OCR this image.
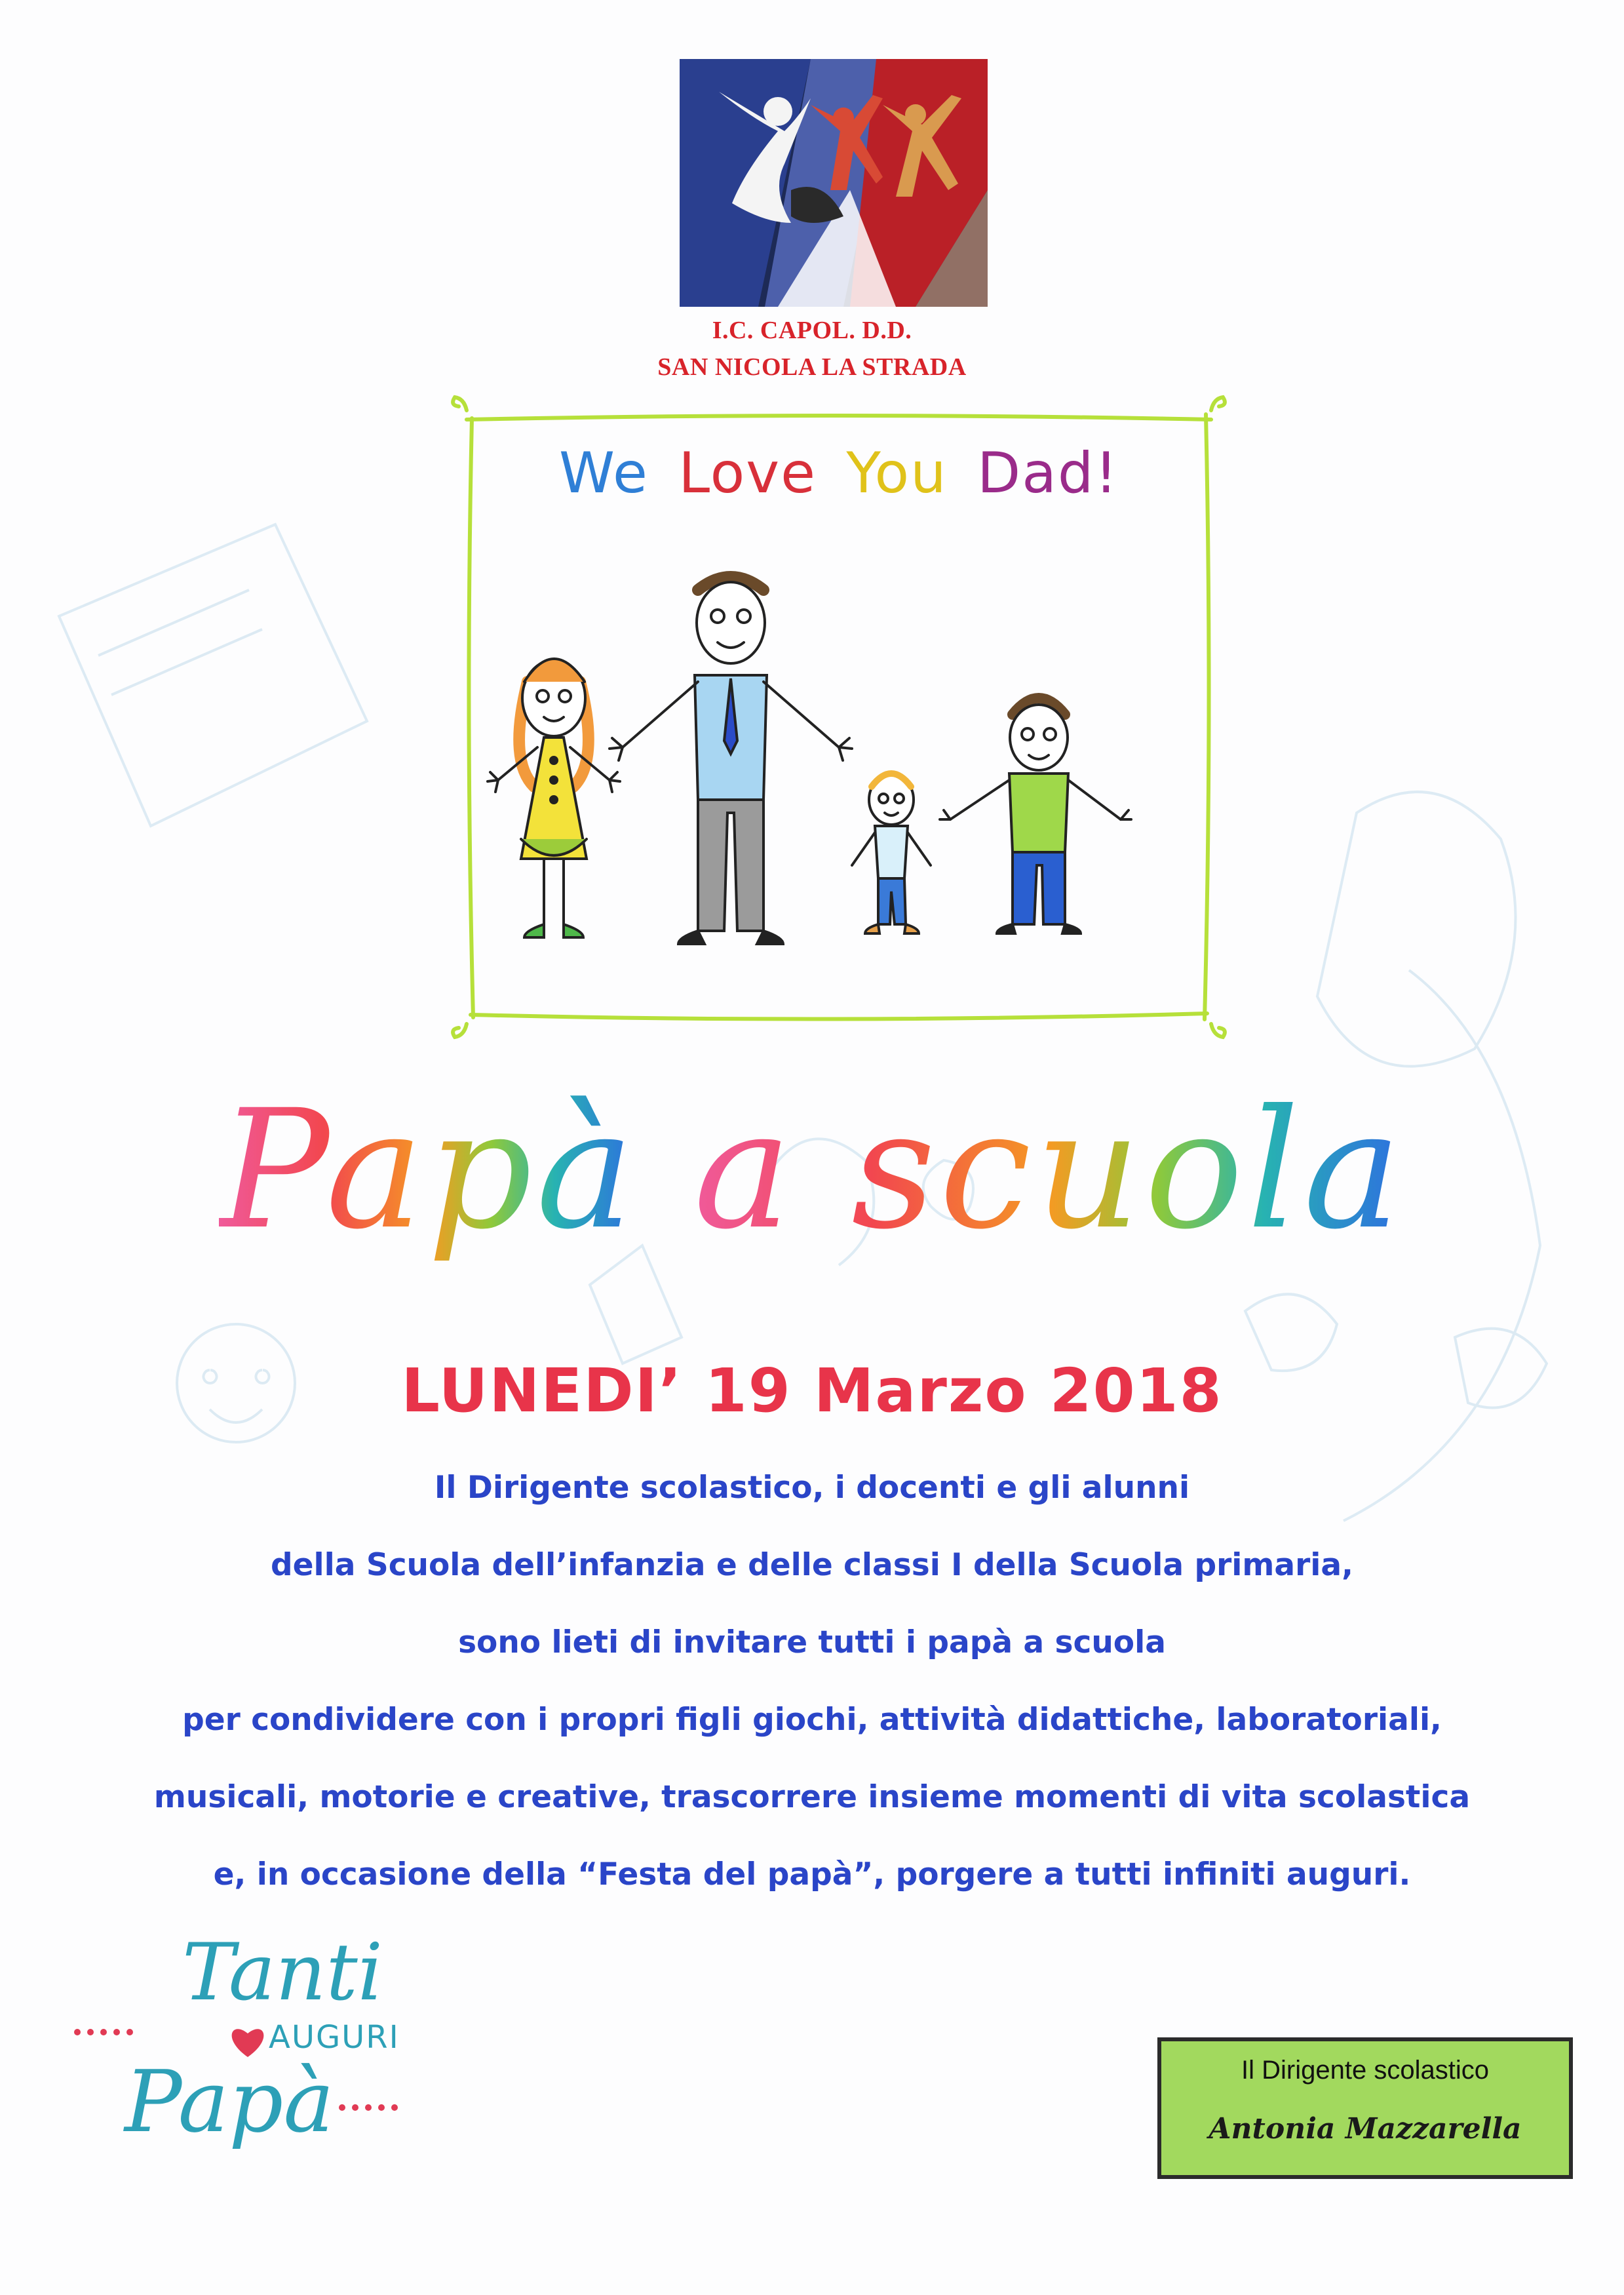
I.C. CAPOL. D.D.
SAN NICOLA LA STRADA
We Love You Dad!
Papà a scuola
LUNEDI’ 19 Marzo 2018
Il Dirigente scolastico, i docenti e gli alunni
della Scuola dell’infanzia e delle classi I della Scuola primaria,
sono lieti di invitare tutti i papà a scuola
per condividere con i propri figli giochi, attività didattiche, laboratoriali,
musicali, motorie e creative, trascorrere insieme momenti di vita scolastica
e, in occasione della “Festa del papà”, porgere a tutti infiniti auguri.
Tanti
AUGURI
Papà	Il Dirigente scolastico
Antonia Mazzarella
